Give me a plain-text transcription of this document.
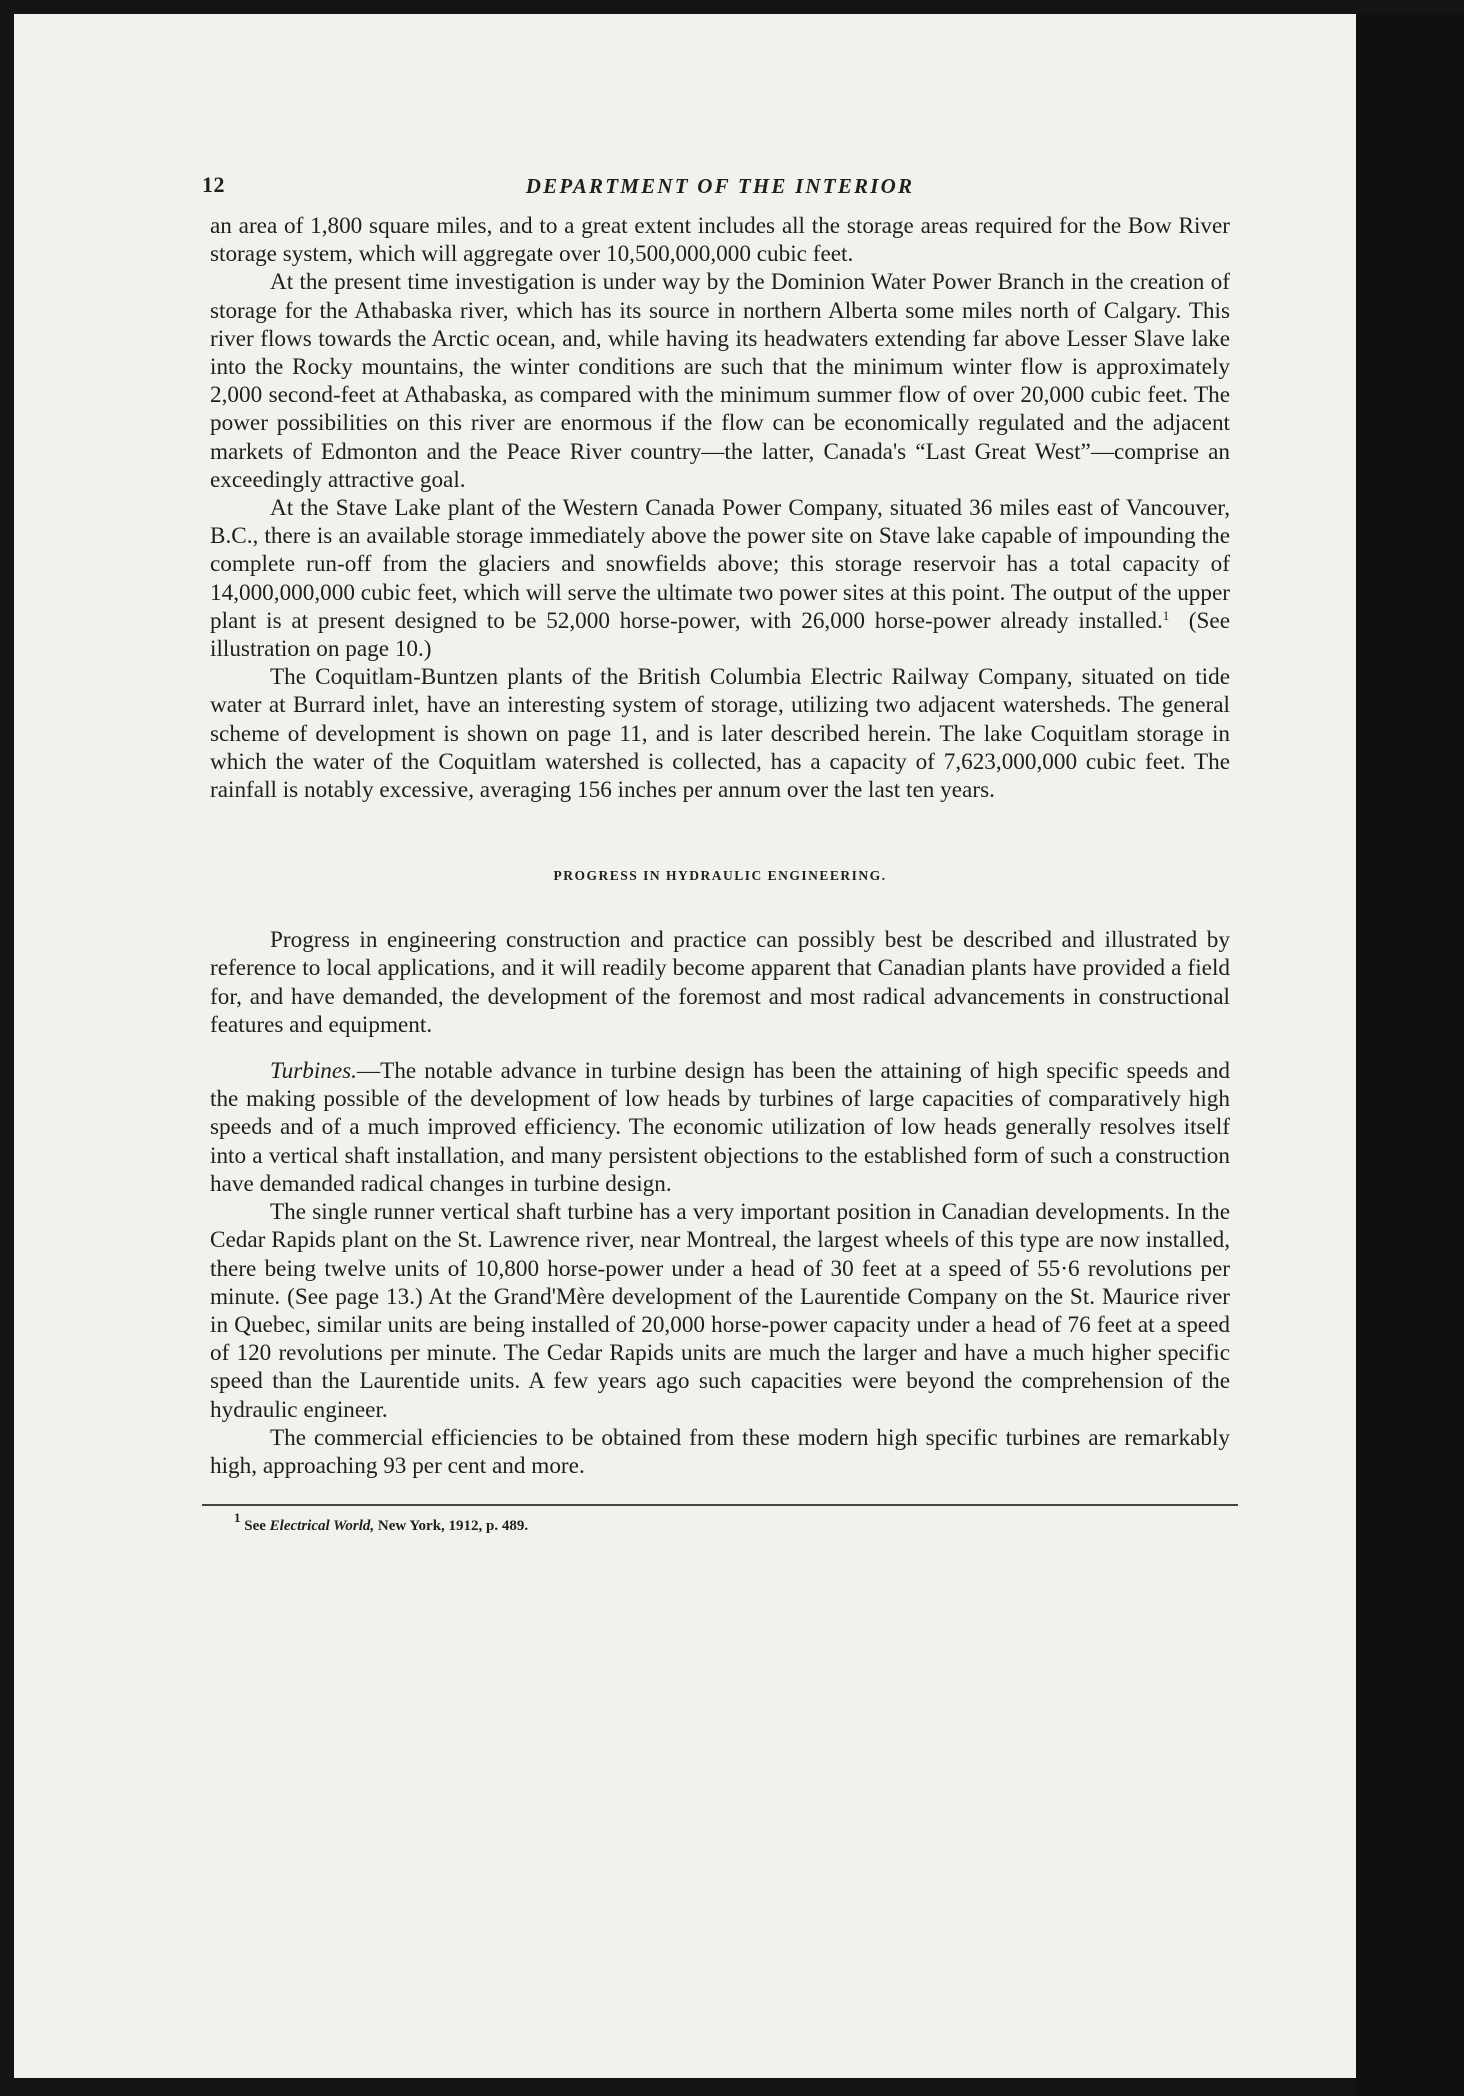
12	DEPARTMENT OF THE INTERIOR

an area of 1,800 square miles, and to a great extent includes all the storage areas required for the Bow River storage system, which will aggregate over 10,500,000,000 cubic feet.

At the present time investigation is under way by the Dominion Water Power Branch in the creation of storage for the Athabaska river, which has its source in northern Alberta some miles north of Calgary. This river flows towards the Arctic ocean, and, while having its headwaters extending far above Lesser Slave lake into the Rocky mountains, the winter conditions are such that the minimum winter flow is approximately 2,000 second-feet at Athabaska, as compared with the minimum summer flow of over 20,000 cubic feet. The power possibilities on this river are enormous if the flow can be economically regulated and the adjacent markets of Edmonton and the Peace River country—the latter, Canada's “Last Great West”—comprise an exceedingly attractive goal.

At the Stave Lake plant of the Western Canada Power Company, situated 36 miles east of Vancouver, B.C., there is an available storage immediately above the power site on Stave lake capable of impounding the complete run-off from the glaciers and snowfields above; this storage reservoir has a total capacity of 14,000,000,000 cubic feet, which will serve the ultimate two power sites at this point. The output of the upper plant is at present designed to be 52,000 horse-power, with 26,000 horse-power already installed.$^1$ (See illustration on page 10.)

The Coquitlam-Buntzen plants of the British Columbia Electric Railway Company, situated on tide water at Burrard inlet, have an interesting system of storage, utilizing two adjacent watersheds. The general scheme of development is shown on page 11, and is later described herein. The lake Coquitlam storage in which the water of the Coquitlam watershed is collected, has a capacity of 7,623,000,000 cubic feet. The rainfall is notably excessive, averaging 156 inches per annum over the last ten years.

PROGRESS IN HYDRAULIC ENGINEERING.

Progress in engineering construction and practice can possibly best be described and illustrated by reference to local applications, and it will readily become apparent that Canadian plants have provided a field for, and have demanded, the development of the foremost and most radical advancements in constructional features and equipment.

Turbines.—The notable advance in turbine design has been the attaining of high specific speeds and the making possible of the development of low heads by turbines of large capacities of comparatively high speeds and of a much improved efficiency. The economic utilization of low heads generally resolves itself into a vertical shaft installation, and many persistent objections to the established form of such a construction have demanded radical changes in turbine design.

The single runner vertical shaft turbine has a very important position in Canadian developments. In the Cedar Rapids plant on the St. Lawrence river, near Montreal, the largest wheels of this type are now installed, there being twelve units of 10,800 horse-power under a head of 30 feet at a speed of 55·6 revolutions per minute. (See page 13.) At the Grand'Mère development of the Laurentide Company on the St. Maurice river in Quebec, similar units are being installed of 20,000 horse-power capacity under a head of 76 feet at a speed of 120 revolutions per minute. The Cedar Rapids units are much the larger and have a much higher specific speed than the Laurentide units. A few years ago such capacities were beyond the comprehension of the hydraulic engineer.

The commercial efficiencies to be obtained from these modern high specific turbines are remarkably high, approaching 93 per cent and more.

$^1$ See Electrical World, New York, 1912, p. 489.
